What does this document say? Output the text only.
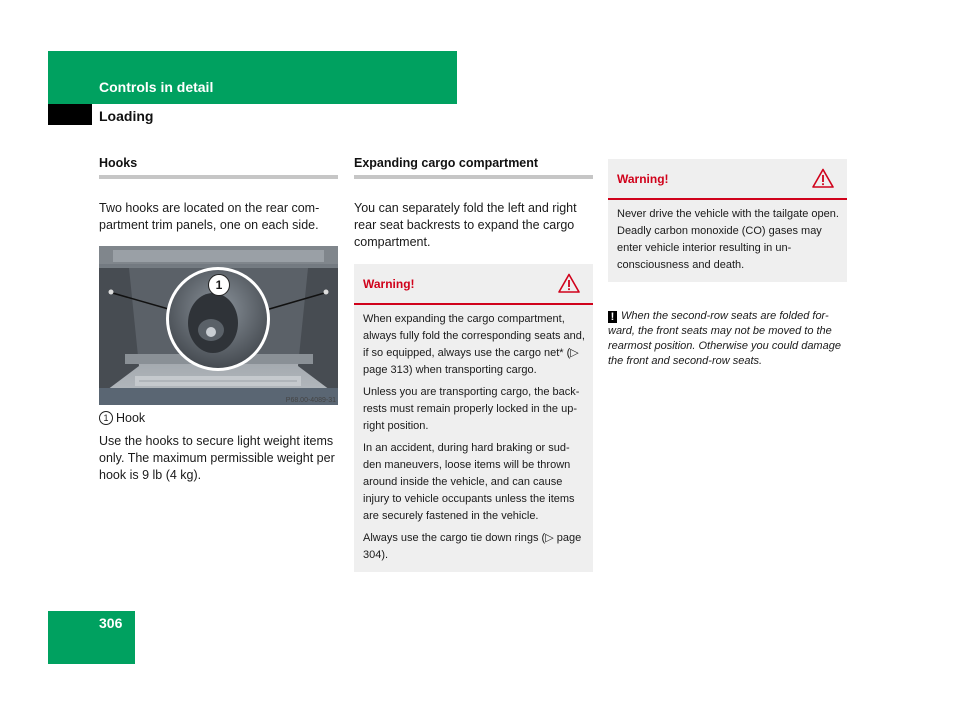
Controls in detail
Loading
Hooks

Two hooks are located on the rear com-partment trim panels, one on each side.

1
P68.00-4089-31
1 Hook

Use the hooks to secure light weight items only. The maximum permissible weight per hook is 9 lb (4 kg).

Expanding cargo compartment

You can separately fold the left and right rear seat backrests to expand the cargo compartment.

Warning!

When expanding the cargo compartment, always fully fold the corresponding seats and, if so equipped, always use the cargo net* (▷ page 313) when transporting cargo.

Unless you are transporting cargo, the back-rests must remain properly locked in the up-right position.

In an accident, during hard braking or sud-den maneuvers, loose items will be thrown around inside the vehicle, and can cause injury to vehicle occupants unless the items are securely fastened in the vehicle.

Always use the cargo tie down rings (▷ page 304).

Warning!

Never drive the vehicle with the tailgate open. Deadly carbon monoxide (CO) gases may enter vehicle interior resulting in un-consciousness and death.

! When the second-row seats are folded for-ward, the front seats may not be moved to the rearmost position. Otherwise you could damage the front and second-row seats.
306
